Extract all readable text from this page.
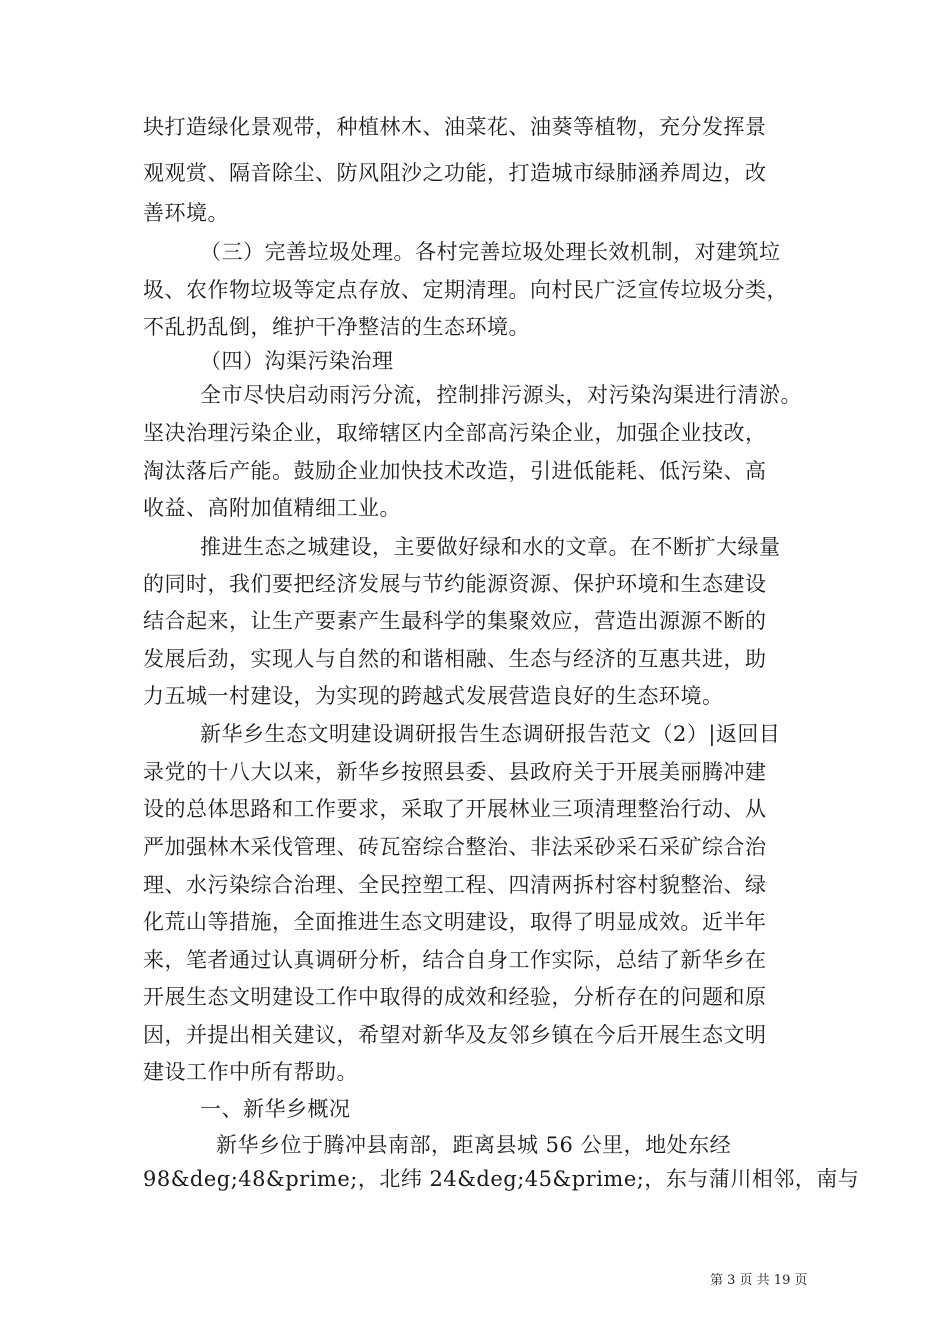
块打造绿化景观带，种植林木、油菜花、油葵等植物，充分发挥景
观观赏、隔音除尘、防风阻沙之功能，打造城市绿肺涵养周边，改
善环境。
（三）完善垃圾处理。各村完善垃圾处理长效机制，对建筑垃
圾、农作物垃圾等定点存放、定期清理。向村民广泛宣传垃圾分类，
不乱扔乱倒，维护干净整洁的生态环境。
（四）沟渠污染治理
全市尽快启动雨污分流，控制排污源头，对污染沟渠进行清淤。
坚决治理污染企业，取缔辖区内全部高污染企业，加强企业技改，
淘汰落后产能。鼓励企业加快技术改造，引进低能耗、低污染、高
收益、高附加值精细工业。
推进生态之城建设，主要做好绿和水的文章。在不断扩大绿量
的同时，我们要把经济发展与节约能源资源、保护环境和生态建设
结合起来，让生产要素产生最科学的集聚效应，营造出源源不断的
发展后劲，实现人与自然的和谐相融、生态与经济的互惠共进，助
力五城一村建设，为实现的跨越式发展营造良好的生态环境。
新华乡生态文明建设调研报告生态调研报告范文（2）|返回目
录党的十八大以来，新华乡按照县委、县政府关于开展美丽腾冲建
设的总体思路和工作要求，采取了开展林业三项清理整治行动、从
严加强林木采伐管理、砖瓦窑综合整治、非法采砂采石采矿综合治
理、水污染综合治理、全民控塑工程、四清两拆村容村貌整治、绿
化荒山等措施，全面推进生态文明建设，取得了明显成效。近半年
来，笔者通过认真调研分析，结合自身工作实际，总结了新华乡在
开展生态文明建设工作中取得的成效和经验，分析存在的问题和原
因，并提出相关建议，希望对新华及友邻乡镇在今后开展生态文明
建设工作中所有帮助。
一、新华乡概况
新华乡位于腾冲县南部，距离县城 56 公里，地处东经
98&deg;48&prime;，北纬 24&deg;45&prime;，东与蒲川相邻，南与
第 3 页 共 19 页
